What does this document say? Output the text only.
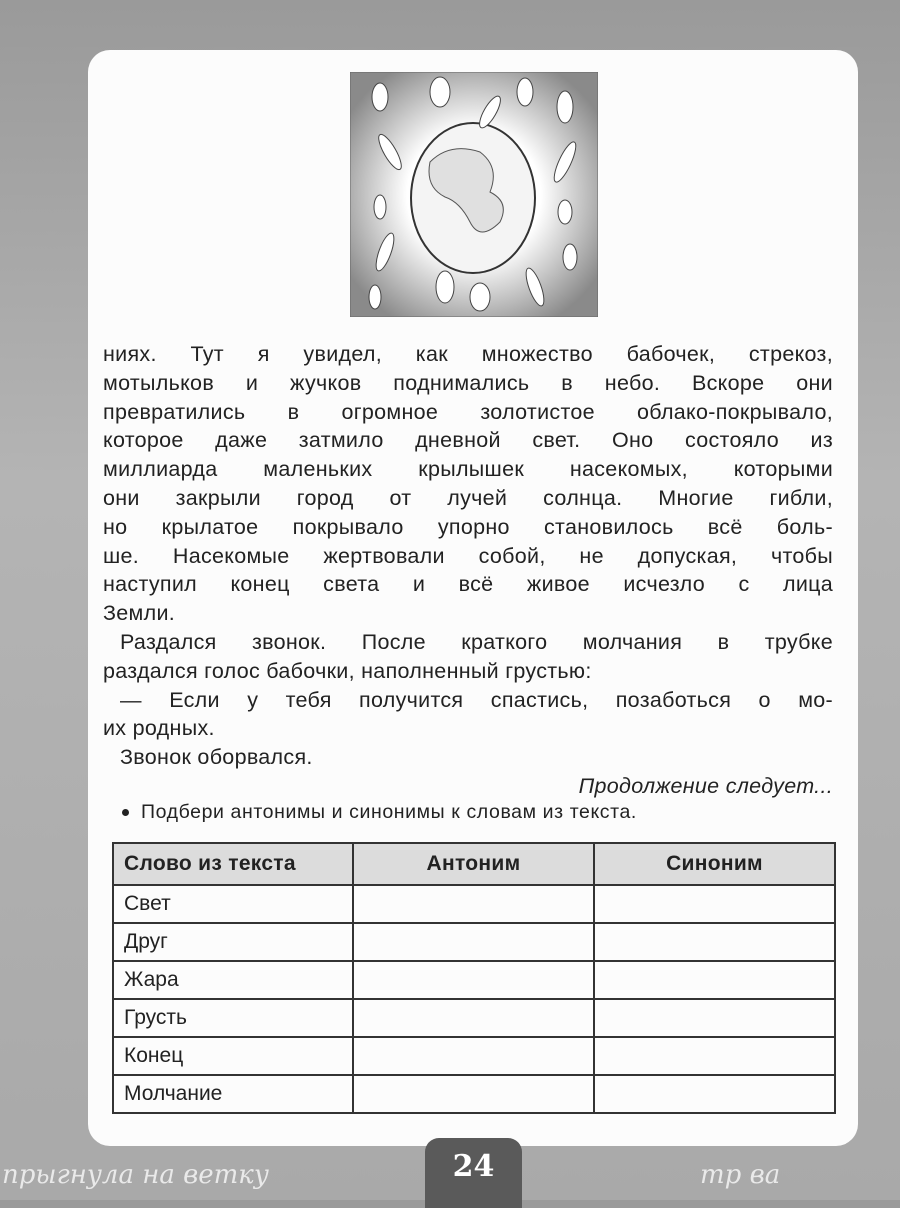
прыгнула на ветку	тр ва
ниях. Тут я увидел, как множество бабочек, стрекоз,
мотыльков и жучков поднимались в небо. Вскоре они
превратились в огромное золотистое облако-покрывало,
которое даже затмило дневной свет. Оно состояло из
миллиарда маленьких крылышек насекомых, которыми
они закрыли город от лучей солнца. Многие гибли,
но крылатое покрывало упорно становилось всё боль-
ше. Насекомые жертвовали собой, не допуская, чтобы
наступил конец света и всё живое исчезло с лица
Земли.
Раздался звонок. После краткого молчания в трубке
раздался голос бабочки, наполненный грустью:
— Если у тебя получится спастись, позаботься о мо-
их родных.
Звонок оборвался.
Продолжение следует...
Подбери антонимы и синонимы к словам из текста.
Слово из текста	Антоним	Синоним
Свет		
Друг		
Жара		
Грусть		
Конец		
Молчание		
24
